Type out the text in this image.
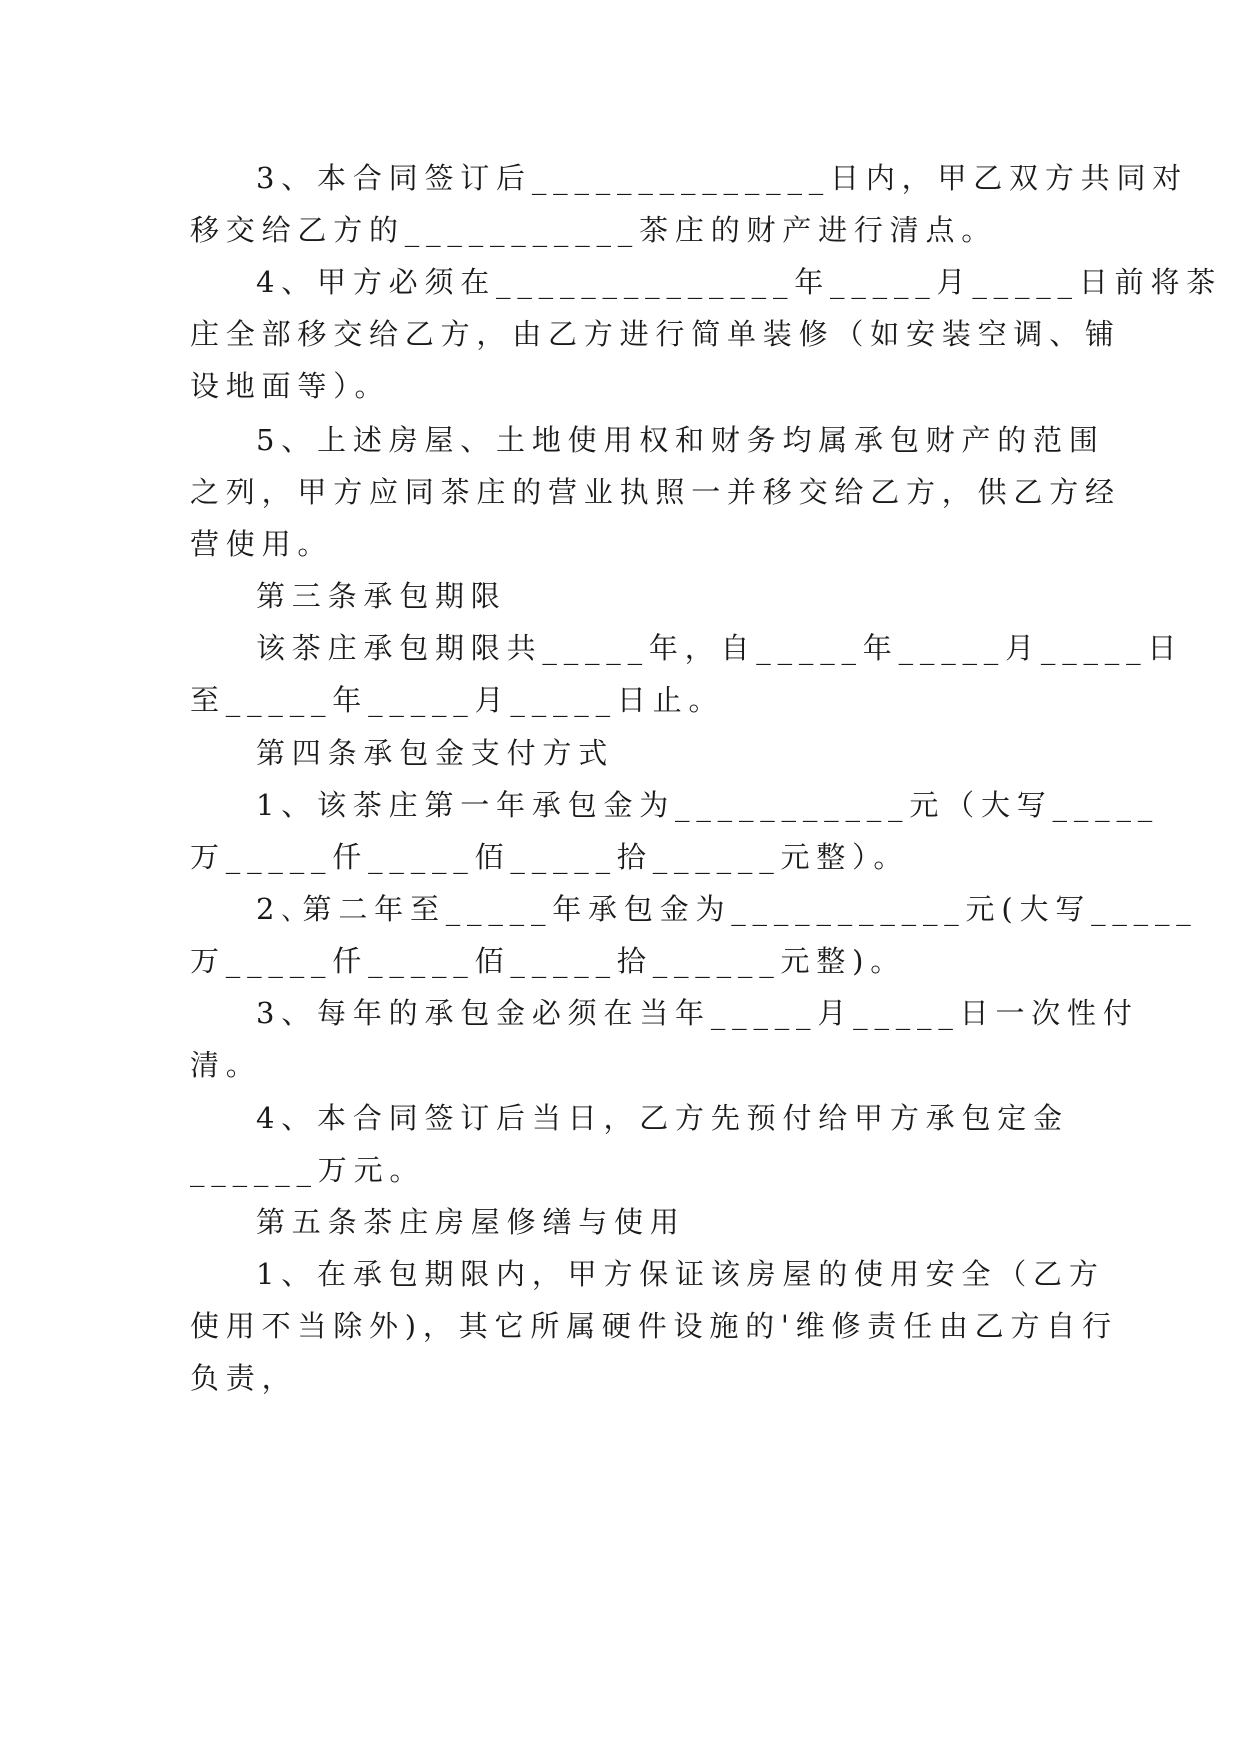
3、本合同签订后______________日内，甲乙双方共同对
移交给乙方的___________茶庄的财产进行清点。
4、甲方必须在______________年_____月_____日前将茶
庄全部移交给乙方，由乙方进行简单装修（如安装空调、铺
设地面等）。
5、上述房屋、土地使用权和财务均属承包财产的范围
之列，甲方应同茶庄的营业执照一并移交给乙方，供乙方经
营使用。
第三条承包期限
该茶庄承包期限共_____年，自_____年_____月_____日
至_____年_____月_____日止。
第四条承包金支付方式
1、该茶庄第一年承包金为___________元（大写_____
万_____仟_____佰_____拾______元整）。
2､第二年至_____年承包金为___________元(大写_____
万_____仟_____佰_____拾______元整)。
3、每年的承包金必须在当年_____月_____日一次性付
清。
4、本合同签订后当日，乙方先预付给甲方承包定金
______万元。
第五条茶庄房屋修缮与使用
1、在承包期限内，甲方保证该房屋的使用安全（乙方
使用不当除外)，其它所属硬件设施的'维修责任由乙方自行
负责，
